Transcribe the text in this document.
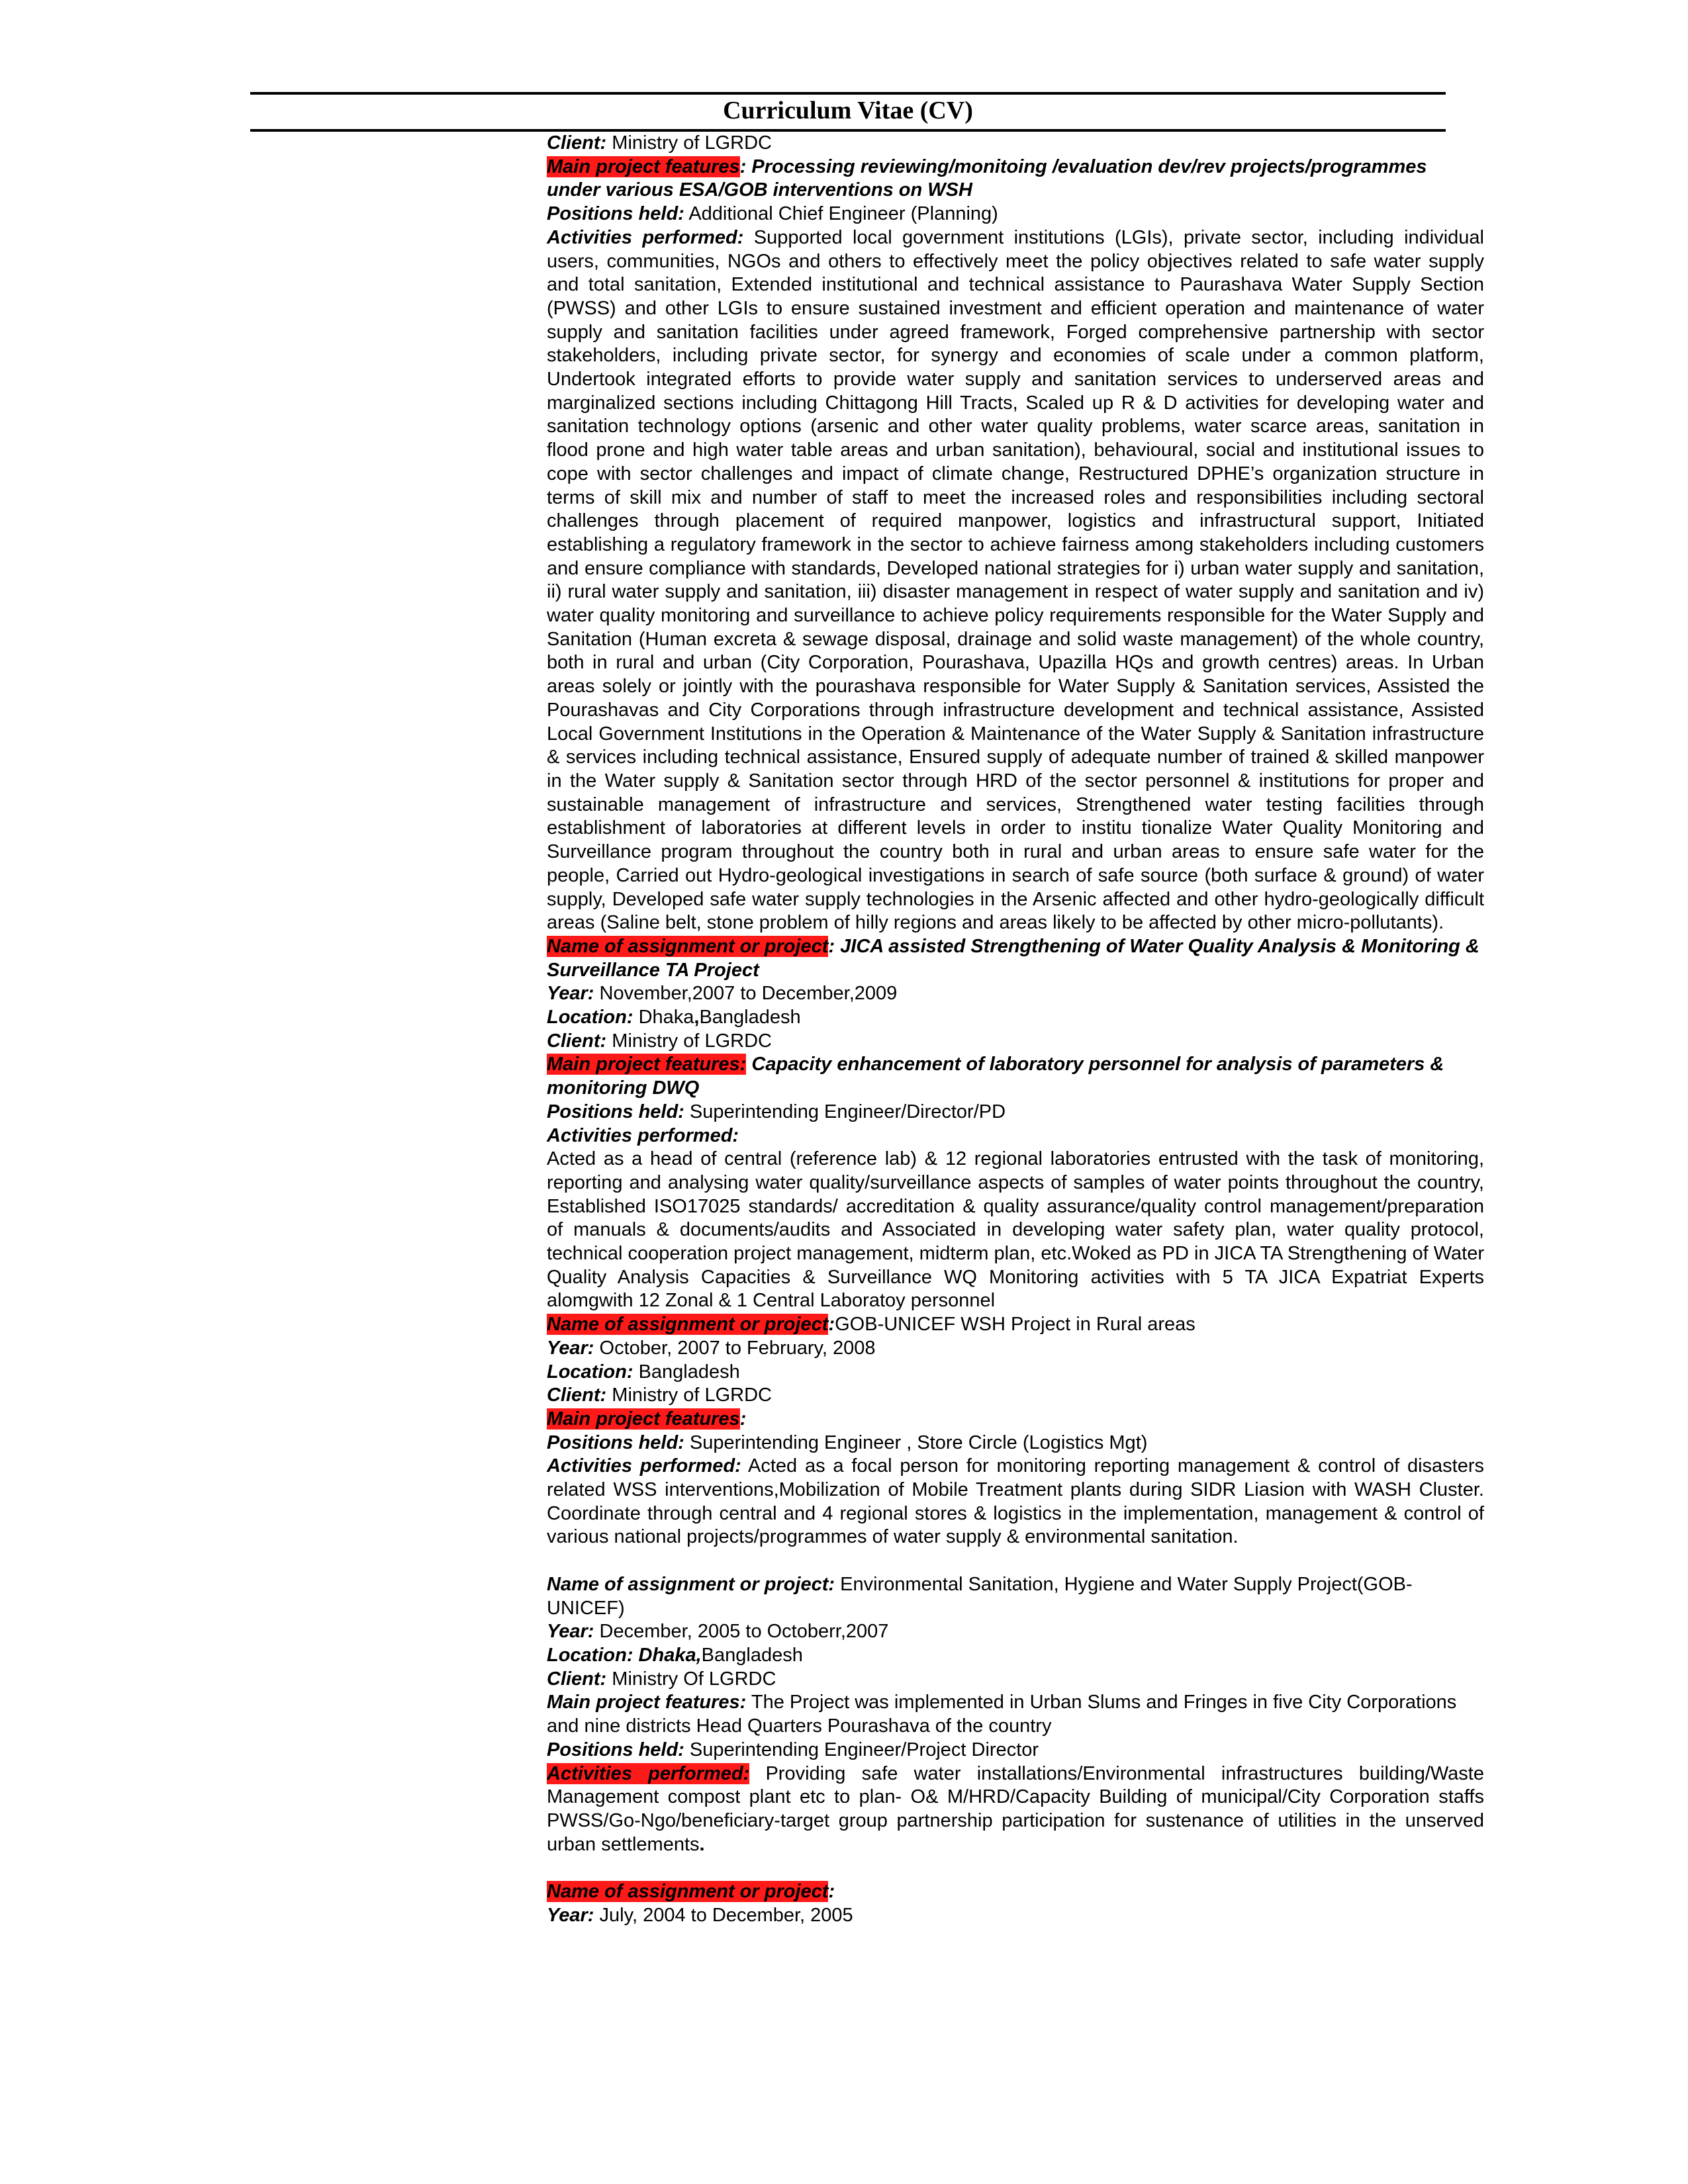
Curriculum Vitae (CV)

Client: Ministry of LGRDC

Main project features: Processing reviewing/monitoing /evaluation dev/rev projects/programmes under various ESA/GOB interventions on WSH

Positions held: Additional Chief Engineer (Planning)

Activities performed: Supported local government institutions (LGIs), private sector, including individual users, communities, NGOs and others to effectively meet the policy objectives related to safe water supply and total sanitation, Extended institutional and technical assistance to Paurashava Water Supply Section (PWSS) and other LGIs to ensure sustained investment and efficient operation and maintenance of water supply and sanitation facilities under agreed framework, Forged comprehensive partnership with sector stakeholders, including private sector, for synergy and economies of scale under a common platform, Undertook integrated efforts to provide water supply and sanitation services to underserved areas and marginalized sections including Chittagong Hill Tracts, Scaled up R & D activities for developing water and sanitation technology options (arsenic and other water quality problems, water scarce areas, sanitation in flood prone and high water table areas and urban sanitation), behavioural, social and institutional issues to cope with sector challenges and impact of climate change, Restructured DPHE’s organization structure in terms of skill mix and number of staff to meet the increased roles and responsibilities including sectoral challenges through placement of required manpower, logistics and infrastructural support, Initiated establishing a regulatory framework in the sector to achieve fairness among stakeholders including customers and ensure compliance with standards, Developed national strategies for i) urban water supply and sanitation, ii) rural water supply and sanitation, iii) disaster management in respect of water supply and sanitation and iv) water quality monitoring and surveillance to achieve policy requirements responsible for the Water Supply and Sanitation (Human excreta & sewage disposal, drainage and solid waste management) of the whole country, both in rural and urban (City Corporation, Pourashava, Upazilla HQs and growth centres) areas. In Urban areas solely or jointly with the pourashava responsible for Water Supply & Sanitation services, Assisted the Pourashavas and City Corporations through infrastructure development and technical assistance, Assisted Local Government Institutions in the Operation & Maintenance of the Water Supply & Sanitation infrastructure & services including technical assistance, Ensured supply of adequate number of trained & skilled manpower in the Water supply & Sanitation sector through HRD of the sector personnel & institutions for proper and sustainable management of infrastructure and services, Strengthened water testing facilities through establishment of laboratories at different levels in order to institu tionalize Water Quality Monitoring and Surveillance program throughout the country both in rural and urban areas to ensure safe water for the people, Carried out Hydro-geological investigations in search of safe source (both surface & ground) of water supply, Developed safe water supply technologies in the Arsenic affected and other hydro-geologically difficult areas (Saline belt, stone problem of hilly regions and areas likely to be affected by other micro-pollutants).

Name of assignment or project: JICA assisted Strengthening of Water Quality Analysis & Monitoring & Surveillance TA Project

Year: November,2007 to December,2009

Location: Dhaka,Bangladesh

Client: Ministry of LGRDC

Main project features: Capacity enhancement of laboratory personnel for analysis of parameters & monitoring DWQ

Positions held: Superintending Engineer/Director/PD

Activities performed:

Acted as a head of central (reference lab) & 12 regional laboratories entrusted with the task of monitoring, reporting and analysing water quality/surveillance aspects of samples of water points throughout the country, Established ISO17025 standards/ accreditation & quality assurance/quality control management/preparation of manuals & documents/audits and Associated in developing water safety plan, water quality protocol, technical cooperation project management, midterm plan, etc.Woked as PD in JICA TA Strengthening of Water Quality Analysis Capacities & Surveillance WQ Monitoring activities with 5 TA JICA Expatriat Experts alomgwith 12 Zonal & 1 Central Laboratoy personnel

Name of assignment or project:GOB-UNICEF WSH Project in Rural areas

Year: October, 2007 to February, 2008

Location: Bangladesh

Client: Ministry of LGRDC

Main project features:

Positions held: Superintending Engineer , Store Circle (Logistics Mgt)

Activities performed: Acted as a focal person for monitoring reporting management & control of disasters related WSS interventions,Mobilization of Mobile Treatment plants during SIDR Liasion with WASH Cluster. Coordinate through central and 4 regional stores & logistics in the implementation, management & control of various national projects/programmes of water supply & environmental sanitation.

Name of assignment or project: Environmental Sanitation, Hygiene and Water Supply Project(GOB-UNICEF)

Year: December, 2005 to Octoberr,2007

Location: Dhaka,Bangladesh

Client: Ministry Of LGRDC

Main project features: The Project was implemented in Urban Slums and Fringes in five City Corporations and nine districts Head Quarters Pourashava of the country

Positions held: Superintending Engineer/Project Director

Activities performed: Providing safe water installations/Environmental infrastructures building/Waste Management compost plant etc to plan- O& M/HRD/Capacity Building of municipal/City Corporation staffs PWSS/Go-Ngo/beneficiary-target group partnership participation for sustenance of utilities in the unserved urban settlements.

Name of assignment or project:

Year: July, 2004 to December, 2005
